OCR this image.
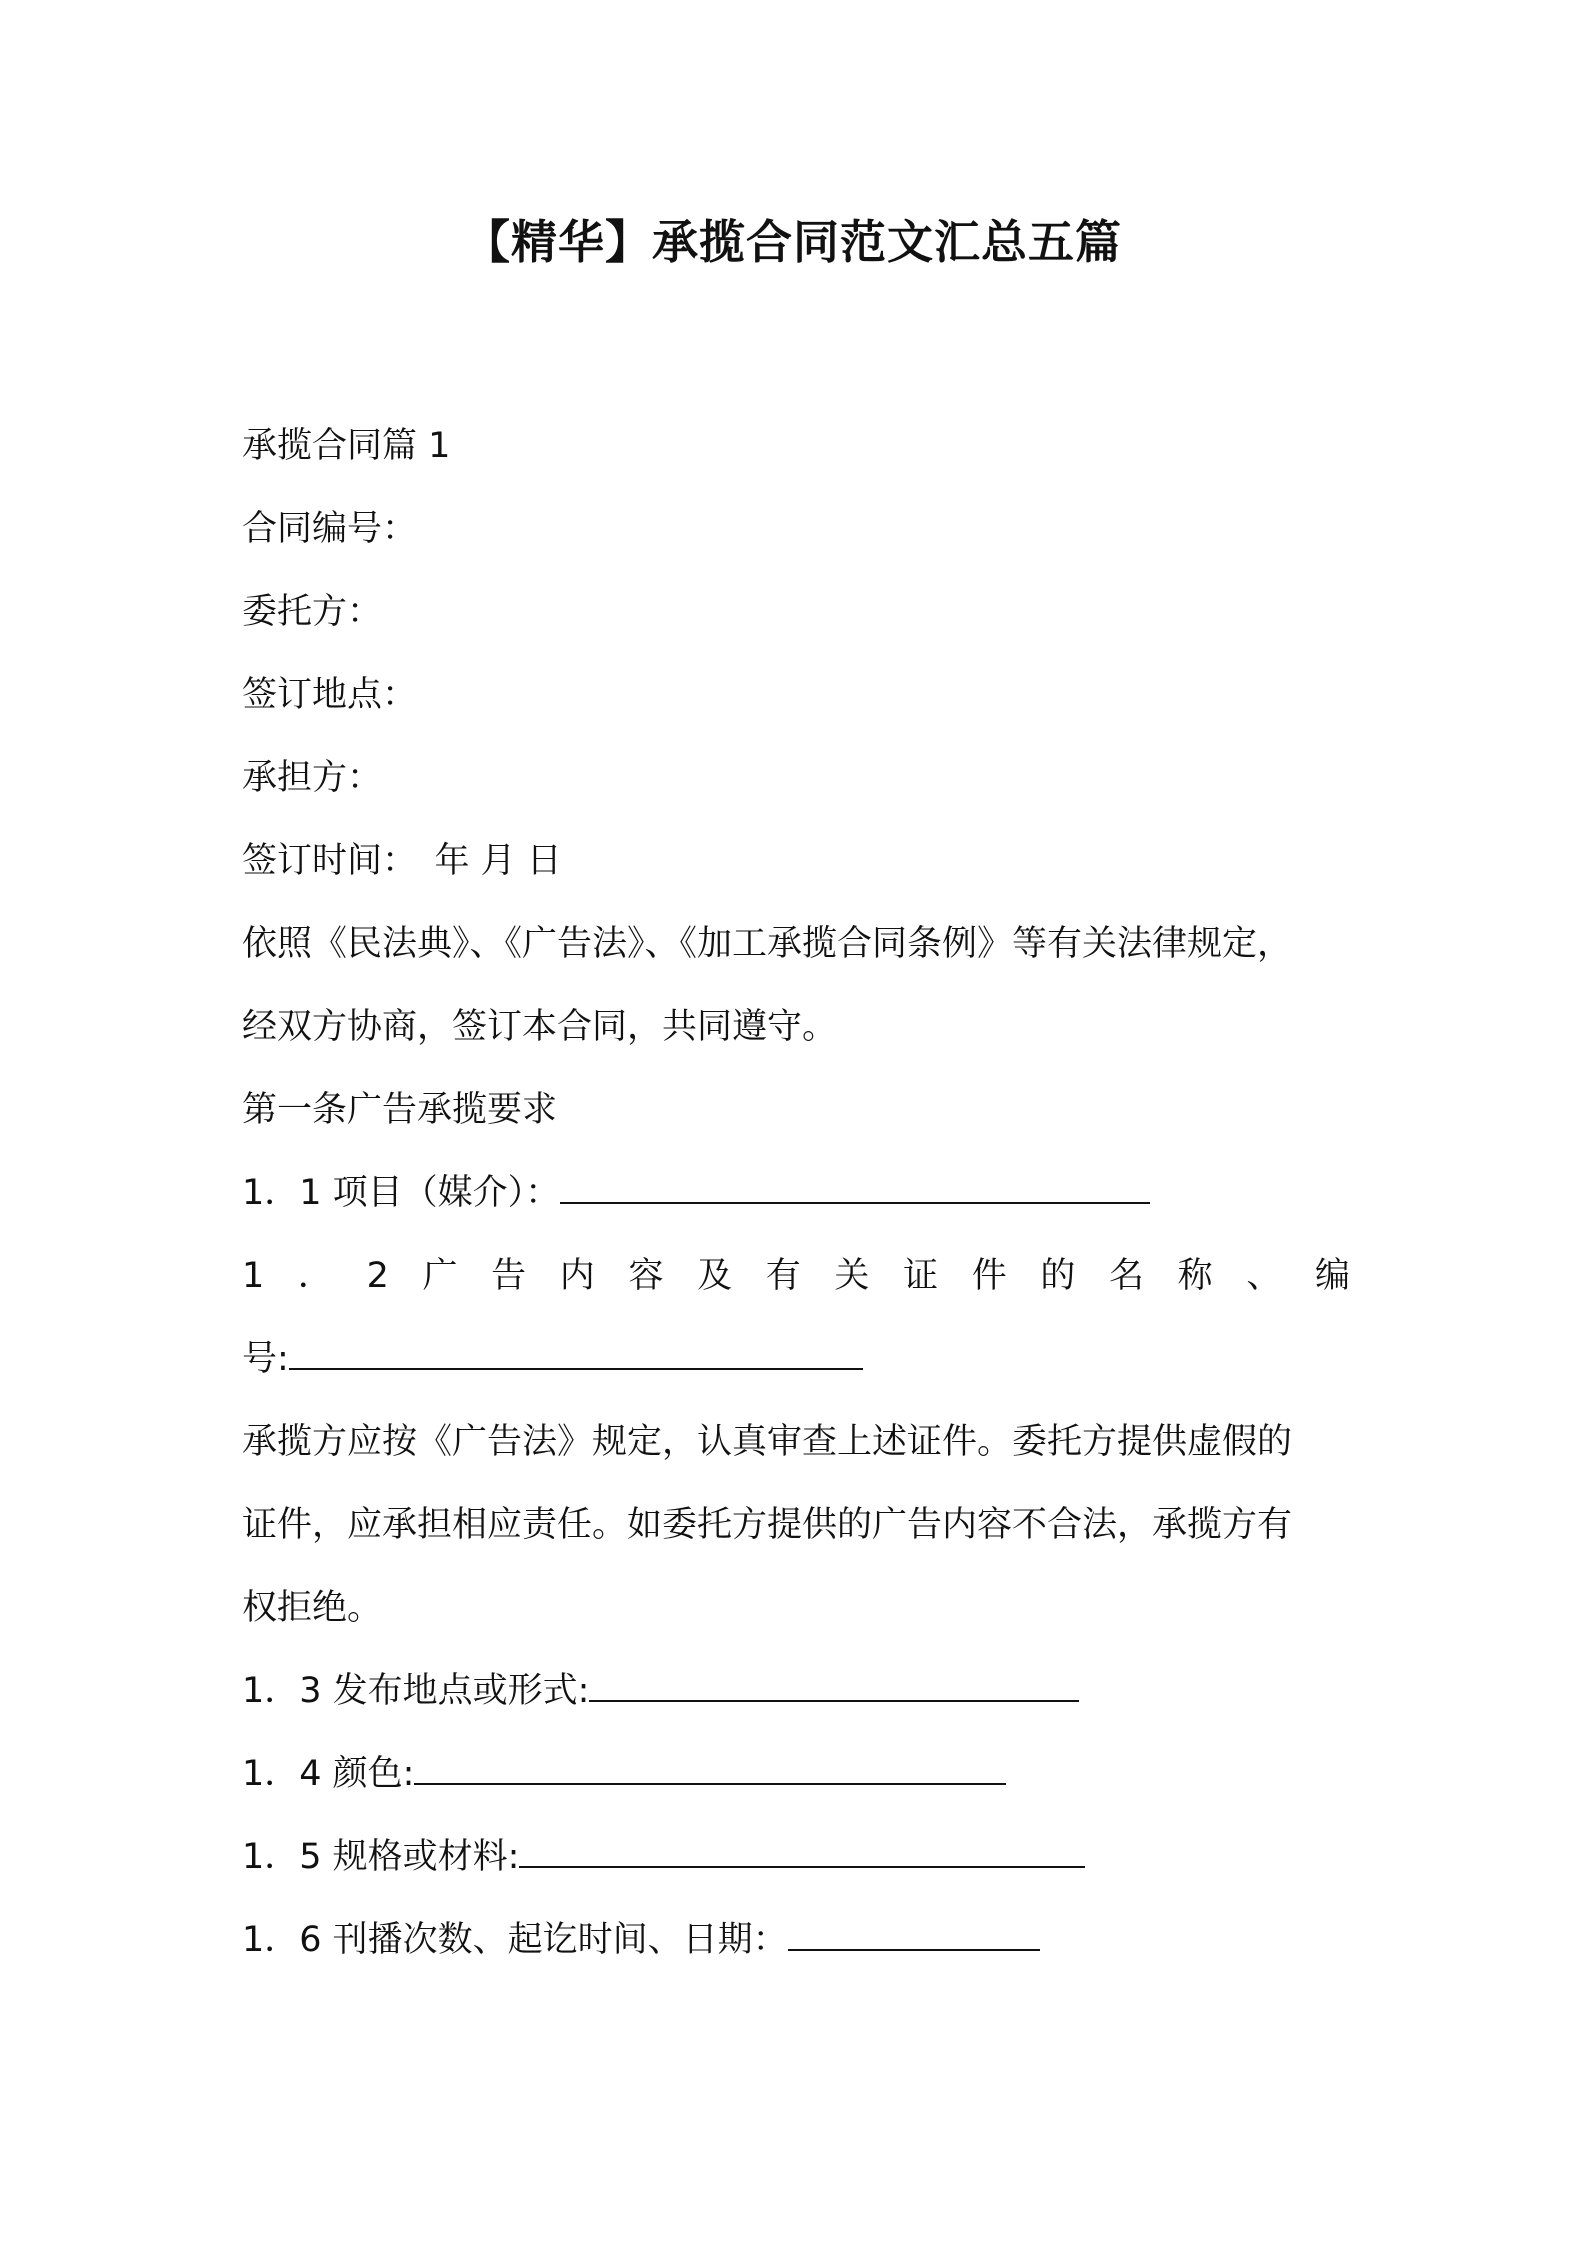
【精华】承揽合同范文汇总五篇
承揽合同篇 1
合同编号：
委托方：
签订地点：
承担方：
签订时间：　年 月 日
依照《民法典》、《广告法》、《加工承揽合同条例》等有关法律规定，
经双方协商，签订本合同，共同遵守。
第一条广告承揽要求
1．1 项目（媒介）：
1．2广告内容及有关证件的名称、编
号:
承揽方应按《广告法》规定，认真审查上述证件。委托方提供虚假的
证件，应承担相应责任。如委托方提供的广告内容不合法，承揽方有
权拒绝。
1．3 发布地点或形式:
1．4 颜色:
1．5 规格或材料:
1．6 刊播次数、起讫时间、日期：
